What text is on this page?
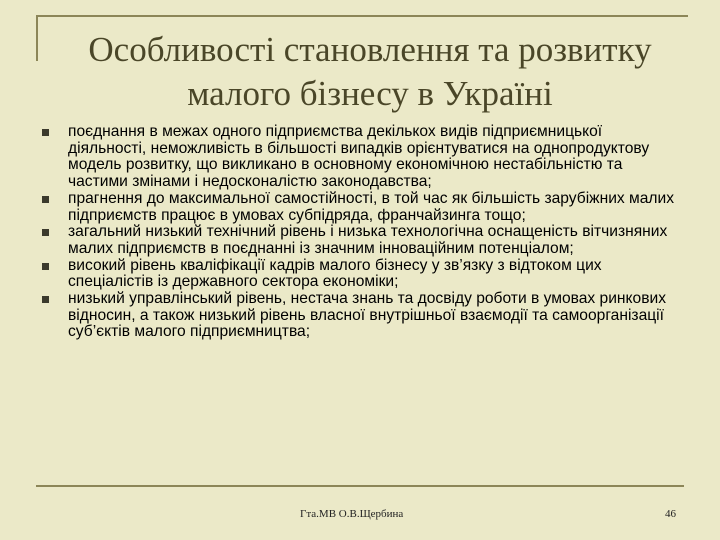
Особливості становлення та розвитку
малого бізнесу в Україні
поєднання в межах одного підприємства декількох видів підприємницької діяльності, неможливість в більшості випадків орієнтуватися на однопродуктову модель розвитку, що викликано в основному економічною нестабільністю та частими змінами і недосконалістю законодавства;
прагнення до максимальної самостійності, в той час як більшість зарубіжних малих підприємств працює в умовах субпідряда, франчайзинга тощо;
загальний низький технічний рівень і низька технологічна оснащеність вітчизняних малих підприємств в поєднанні із значним інноваційним потенціалом;
високий рівень кваліфікації кадрів малого бізнесу у зв’язку з відтоком цих спеціалістів із державного сектора економіки;
низький управлінський рівень, нестача знань та досвіду роботи в умовах ринкових відносин, а також низький рівень власної внутрішньої взаємодії та самоорганізації суб’єктів малого підприємництва;
Гта.МВ О.В.Щербина	46
